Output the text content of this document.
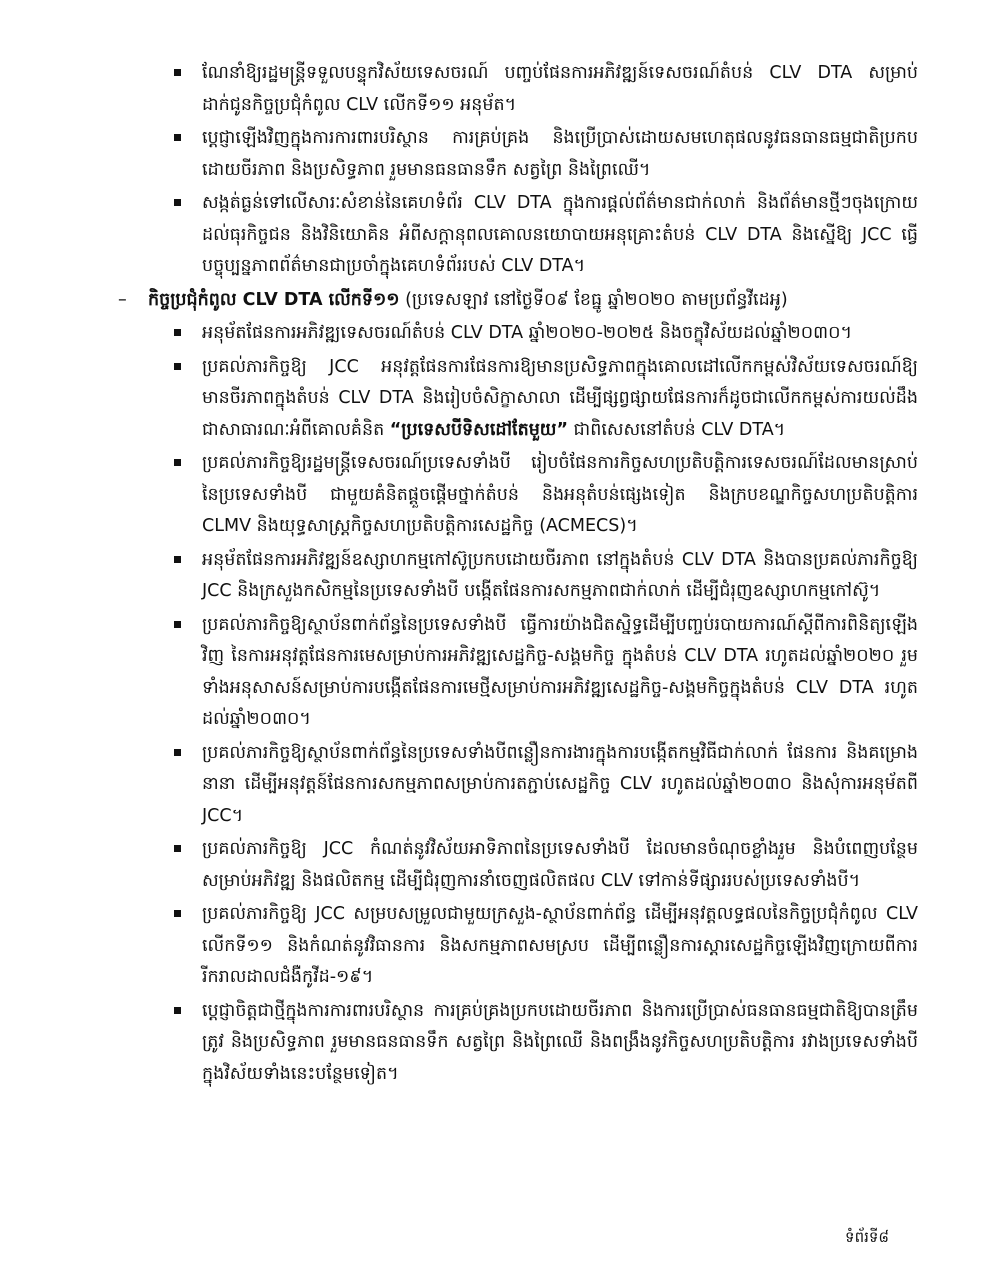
ណែនាំឱ្យរដ្ឋមន្ត្រីទទួលបន្ទុកវិស័យទេសចរណ៍ បញ្ចប់ផែនការអភិវឌ្ឍន៍ទេសចរណ៍តំបន់ CLV DTA សម្រាប់ដាក់ជូនកិច្ចប្រជុំកំពូល CLV លើកទី១១ អនុម័ត។
ប្ដេជ្ញាឡើងវិញក្នុងការការពារបរិស្ថាន ការគ្រប់គ្រង និងប្រើប្រាស់ដោយសមហេតុផលនូវធនធានធម្មជាតិប្រកបដោយចីរភាព និងប្រសិទ្ធភាព រួមមានធនធានទឹក សត្វព្រៃ និងព្រៃឈើ។
សង្កត់ធ្ងន់ទៅលើសារៈសំខាន់នៃគេហទំព័រ CLV DTA ក្នុងការផ្ដល់ព័ត៌មានជាក់លាក់ និងព័ត៌មានថ្មីៗចុងក្រោយ ដល់ធុរកិច្ចជន និងវិនិយោគិន អំពីសក្ដានុពលគោលនយោបាយអនុគ្រោះតំបន់ CLV DTA និងស្នើឱ្យ JCC ធ្វើបច្ចុប្បន្នភាពព័ត៌មានជាប្រចាំក្នុងគេហទំព័ររបស់ CLV DTA។
– កិច្ចប្រជុំកំពូល CLV DTA លើកទី១១ (ប្រទេសឡាវ នៅថ្ងៃទី០៩ ខែធ្នូ ឆ្នាំ២០២០ តាមប្រព័ន្ធវីដេអូ)
អនុម័តផែនការអភិវឌ្ឍទេសចរណ៍តំបន់ CLV DTA ឆ្នាំ២០២០-២០២៥ និងចក្ខុវិស័យដល់ឆ្នាំ២០៣០។
ប្រគល់ភារកិច្ចឱ្យ JCC អនុវត្តផែនការផែនការឱ្យមានប្រសិទ្ធភាពក្នុងគោលដៅលើកកម្ពស់វិស័យទេសចរណ៍ឱ្យមានចីរភាពក្នុងតំបន់ CLV DTA និងរៀបចំសិក្ខាសាលា ដើម្បីផ្សព្វផ្សាយផែនការក៏ដូចជាលើកកម្ពស់ការយល់ដឹងជាសាធារណៈអំពីគោលគំនិត “ប្រទេសបីទិសដៅតែមួយ” ជាពិសេសនៅតំបន់ CLV DTA។
ប្រគល់ភារកិច្ចឱ្យរដ្ឋមន្ត្រីទេសចរណ៍ប្រទេសទាំងបី រៀបចំផែនការកិច្ចសហប្រតិបត្តិការទេសចរណ៍ដែលមានស្រាប់នៃប្រទេសទាំងបី ជាមួយគំនិតផ្ដួចផ្ដើមថ្នាក់តំបន់ និងអនុតំបន់ផ្សេងទៀត និងក្របខណ្ឌកិច្ចសហប្រតិបត្តិការ CLMV និងយុទ្ធសាស្ត្រកិច្ចសហប្រតិបត្តិការសេដ្ឋកិច្ច (ACMECS)។
អនុម័តផែនការអភិវឌ្ឍន៍ឧស្សាហកម្មកៅស៊ូប្រកបដោយចីរភាព នៅក្នុងតំបន់ CLV DTA និងបានប្រគល់ភារកិច្ចឱ្យ JCC និងក្រសួងកសិកម្មនៃប្រទេសទាំងបី បង្កើតផែនការសកម្មភាពជាក់លាក់ ដើម្បីជំរុញឧស្សាហកម្មកៅស៊ូ។
ប្រគល់ភារកិច្ចឱ្យស្ថាប័នពាក់ព័ន្ធនៃប្រទេសទាំងបី ធ្វើការយ៉ាងជិតស្និទ្ធដើម្បីបញ្ចប់របាយការណ៍ស្ដីពីការពិនិត្យឡើងវិញ នៃការអនុវត្តផែនការមេសម្រាប់ការអភិវឌ្ឍសេដ្ឋកិច្ច-សង្គមកិច្ច ក្នុងតំបន់ CLV DTA រហូតដល់ឆ្នាំ២០២០ រួមទាំងអនុសាសន៍សម្រាប់ការបង្កើតផែនការមេថ្មីសម្រាប់ការអភិវឌ្ឍសេដ្ឋកិច្ច-សង្គមកិច្ចក្នុងតំបន់ CLV DTA រហូតដល់ឆ្នាំ២០៣០។
ប្រគល់ភារកិច្ចឱ្យស្ថាប័នពាក់ព័ន្ធនៃប្រទេសទាំងបីពន្លឿនការងារក្នុងការបង្កើតកម្មវិធីជាក់លាក់ ផែនការ និងគម្រោងនានា ដើម្បីអនុវត្តន៍ផែនការសកម្មភាពសម្រាប់ការតភ្ជាប់សេដ្ឋកិច្ច CLV រហូតដល់ឆ្នាំ២០៣០ និងសុំការអនុម័តពី JCC។
ប្រគល់ភារកិច្ចឱ្យ JCC កំណត់នូវវិស័យអាទិភាពនៃប្រទេសទាំងបី ដែលមានចំណុចខ្លាំងរួម និងបំពេញបន្ថែមសម្រាប់អភិវឌ្ឍ និងផលិតកម្ម ដើម្បីជំរុញការនាំចេញផលិតផល CLV ទៅកាន់ទីផ្សាររបស់ប្រទេសទាំងបី។
ប្រគល់ភារកិច្ចឱ្យ JCC សម្របសម្រួលជាមួយក្រសួង-ស្ថាប័នពាក់ព័ន្ធ ដើម្បីអនុវត្តលទ្ធផលនៃកិច្ចប្រជុំកំពូល CLV លើកទី១១ និងកំណត់នូវវិធានការ និងសកម្មភាពសមស្រប ដើម្បីពន្លឿនការស្ដារសេដ្ឋកិច្ចឡើងវិញក្រោយពីការរីករាលដាលជំងឺកូវីដ-១៩។
ប្ដេជ្ញាចិត្តជាថ្មីក្នុងការការពារបរិស្ថាន ការគ្រប់គ្រងប្រកបដោយចីរភាព និងការប្រើប្រាស់ធនធានធម្មជាតិឱ្យបានត្រឹមត្រូវ និងប្រសិទ្ធភាព រួមមានធនធានទឹក សត្វព្រៃ និងព្រៃឈើ និងពង្រឹងនូវកិច្ចសហប្រតិបត្តិការ រវាងប្រទេសទាំងបីក្នុងវិស័យទាំងនេះបន្ថែមទៀត។
ទំព័រទី៨
